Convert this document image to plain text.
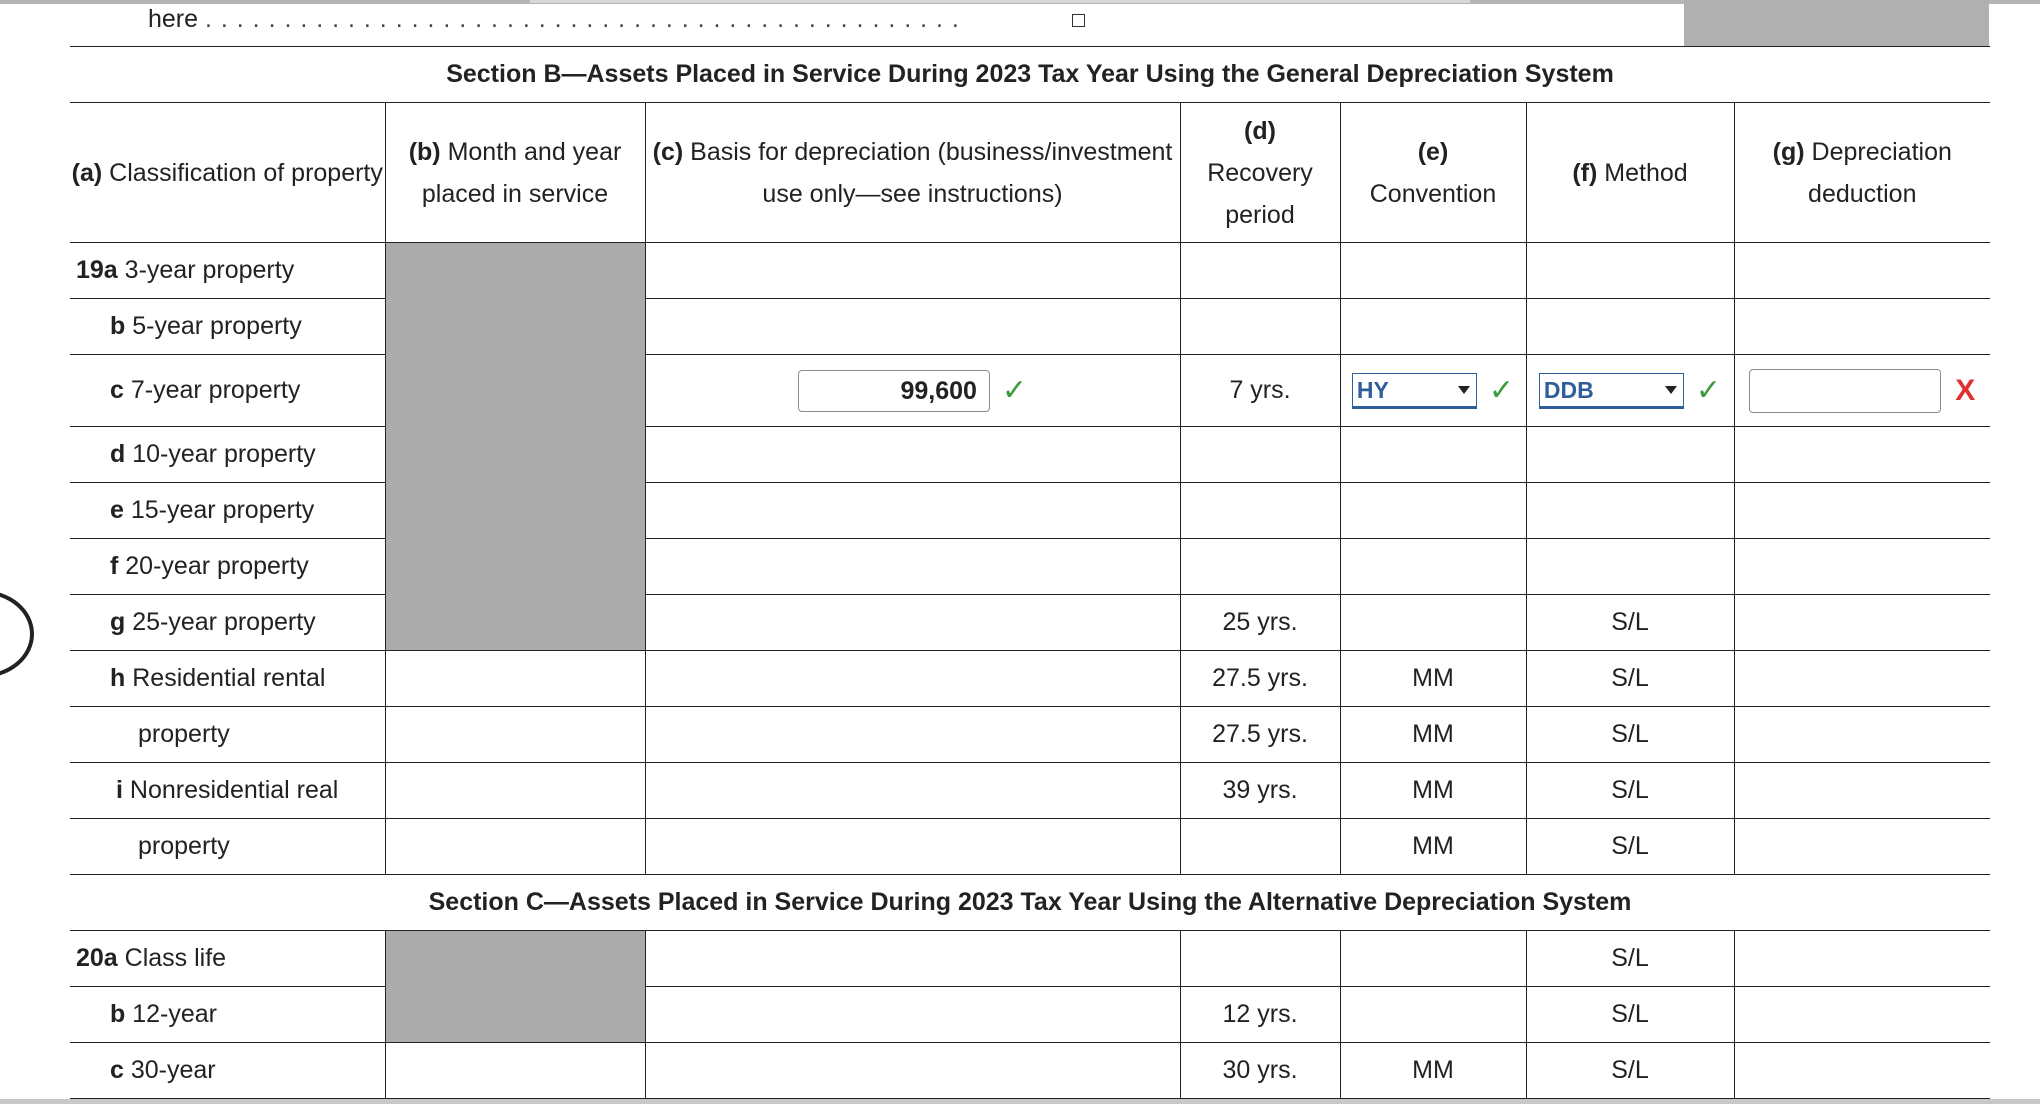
here . . . . . . . . . . . . . . . . . . . . . . . . . . . . . . . . . . . . . . . . . . . . . . . .
Section B—Assets Placed in Service During 2023 Tax Year Using the General Depreciation System						
(a) Classification of property	(b) Month and year placed in service	(c) Basis for depreciation (business/investment use only—see instructions)	(d)
Recovery period	(e)
Convention	(f) Method	(g) Depreciation deduction
19a 3-year property						
b 5-year property						
c 7-year property		99,600 ✓	7 yrs.	HY ✓	DDB ✓	X
d 10-year property						
e 15-year property						
f 20-year property						
g 25-year property			25 yrs.		S/L	
h Residential rental			27.5 yrs.	MM	S/L	
property			27.5 yrs.	MM	S/L	
i Nonresidential real			39 yrs.	MM	S/L	
property				MM	S/L	
Section C—Assets Placed in Service During 2023 Tax Year Using the Alternative Depreciation System						
20a Class life					S/L	
b 12-year			12 yrs.		S/L	
c 30-year			30 yrs.	MM	S/L	
